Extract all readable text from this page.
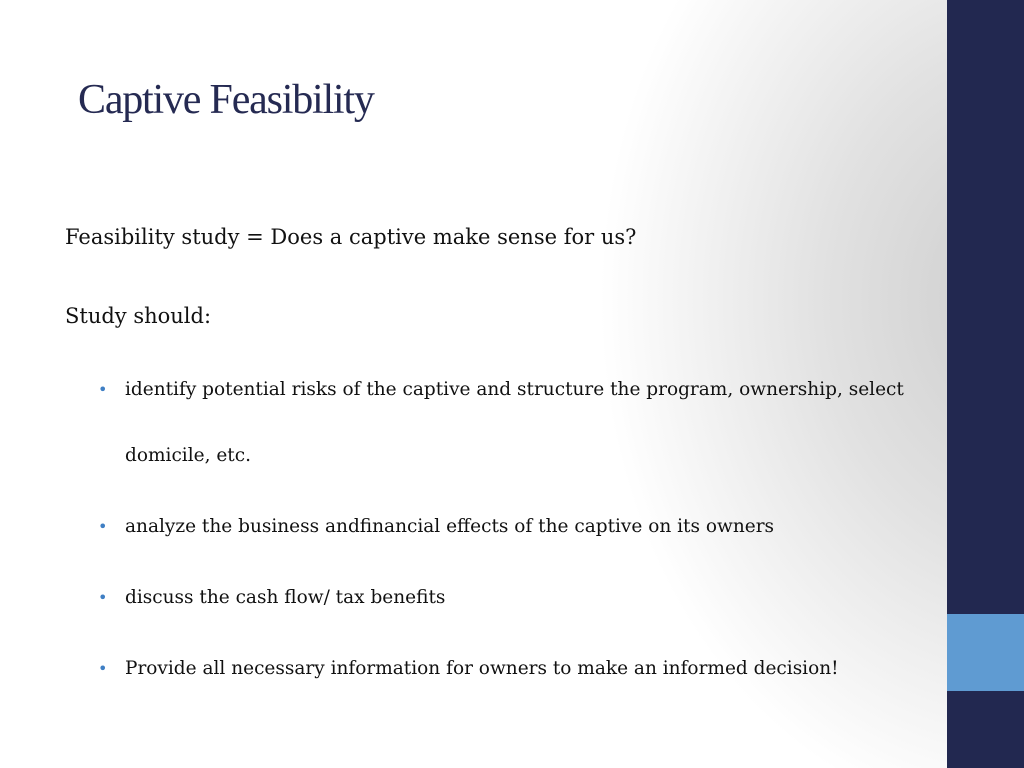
Captive Feasibility
Feasibility study = Does a captive make sense for us?
Study should:
• identify potential risks of the captive and structure the program, ownership, select domicile, etc.
• analyze the business andfinancial effects of the captive on its owners
• discuss the cash flow/ tax benefits
• Provide all necessary information for owners to make an informed decision!
